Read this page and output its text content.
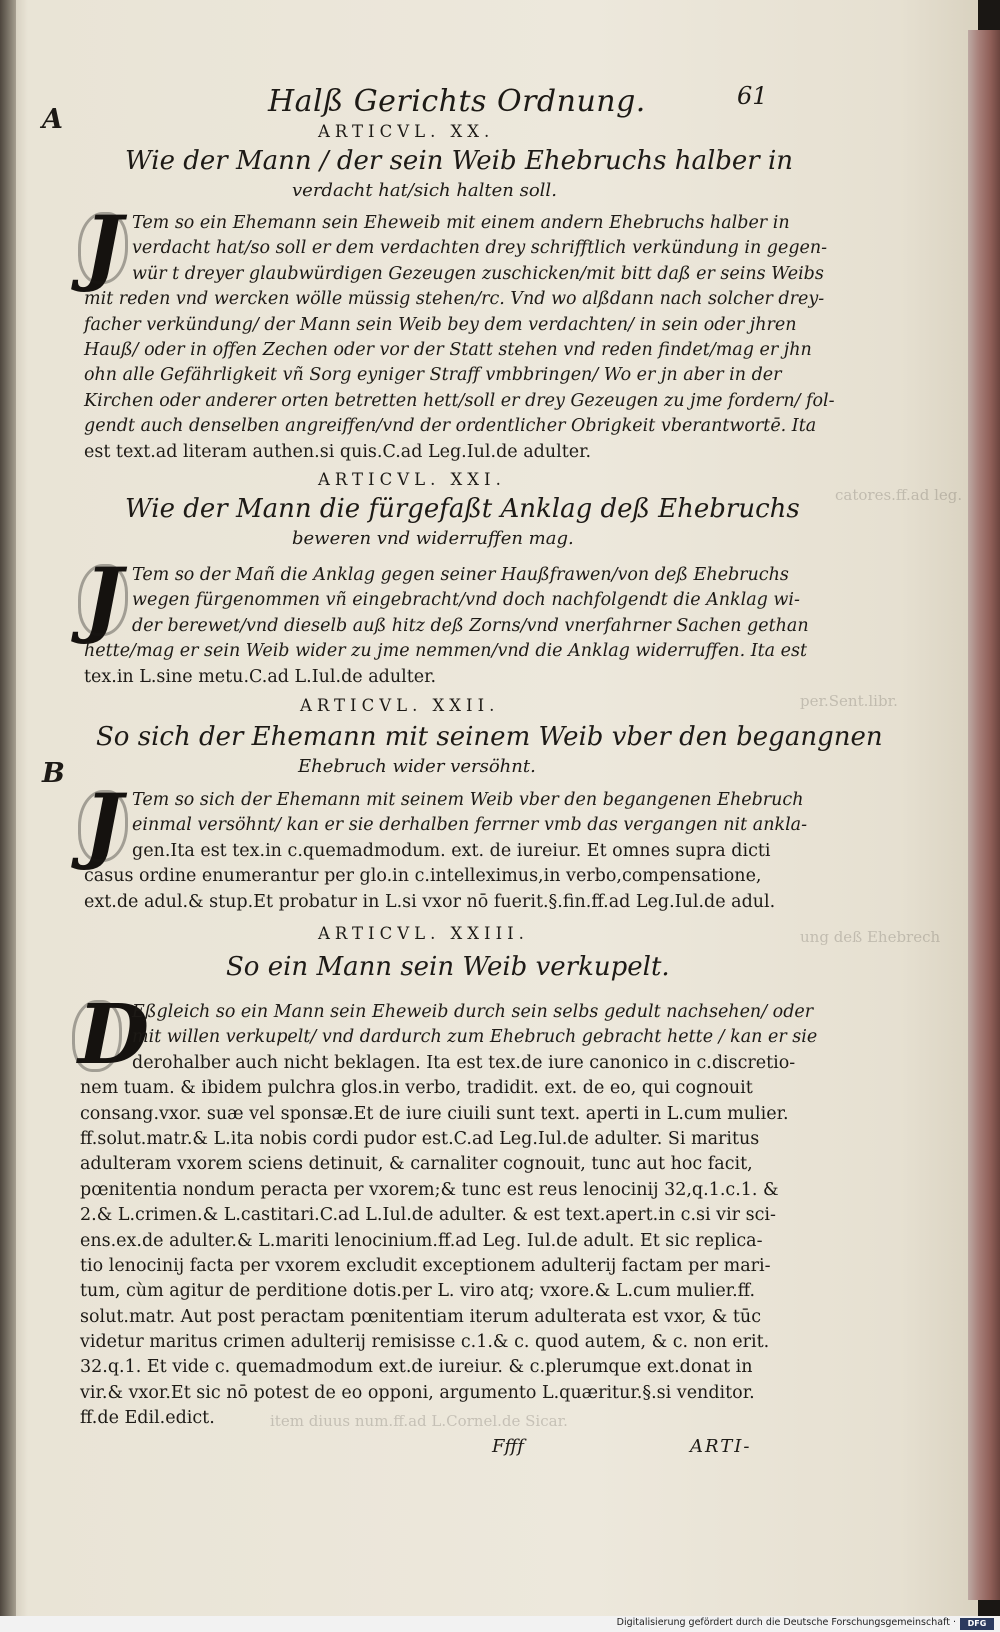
catores.ff.ad leg.
per.Sent.libr.
ung deß Ehebrech
item diuus num.ff.ad L.Cornel.de Sicar.
Halß Gerichts Ordnung.	61
A	ARTICVL. XX.
Wie der Mann / der sein Weib Ehebruchs halber in
verdacht hat/sich halten soll.
J Tem so ein Ehemann sein Eheweib mit einem andern Ehebruchs halber in
verdacht hat/so soll er dem verdachten drey schrifftlich verkündung in gegen-
wür t dreyer glaubwürdigen Gezeugen zuschicken/mit bitt daß er seins Weibs
mit reden vnd wercken wölle müssig stehen/rc. Vnd wo alßdann nach solcher drey-
facher verkündung/ der Mann sein Weib bey dem verdachten/ in sein oder jhren
Hauß/ oder in offen Zechen oder vor der Statt stehen vnd reden findet/mag er jhn
ohn alle Gefährligkeit vñ Sorg eyniger Straff vmbbringen/ Wo er jn aber in der
Kirchen oder anderer orten betretten hett/soll er drey Gezeugen zu jme fordern/ fol-
gendt auch denselben angreiffen/vnd der ordentlicher Obrigkeit vberantwortē. Ita
est text.ad literam authen.si quis.C.ad Leg.Iul.de adulter.
ARTICVL. XXI.
Wie der Mann die fürgefaßt Anklag deß Ehebruchs
beweren vnd widerruffen mag.
J Tem so der Mañ die Anklag gegen seiner Haußfrawen/von deß Ehebruchs
wegen fürgenommen vñ eingebracht/vnd doch nachfolgendt die Anklag wi-
der berewet/vnd dieselb auß hitz deß Zorns/vnd vnerfahrner Sachen gethan
hette/mag er sein Weib wider zu jme nemmen/vnd die Anklag widerruffen. Ita est
tex.in L.sine metu.C.ad L.Iul.de adulter.
ARTICVL. XXII.
So sich der Ehemann mit seinem Weib vber den begangnen
Ehebruch wider versöhnt.
B
J Tem so sich der Ehemann mit seinem Weib vber den begangenen Ehebruch
einmal versöhnt/ kan er sie derhalben ferrner vmb das vergangen nit ankla-
gen.Ita est tex.in c.quemadmodum. ext. de iureiur. Et omnes supra dicti
casus ordine enumerantur per glo.in c.intelleximus,in verbo,compensatione,
ext.de adul.& stup.Et probatur in L.si vxor nō fuerit.§.fin.ff.ad Leg.Iul.de adul.
ARTICVL. XXIII.
So ein Mann sein Weib verkupelt.
D
Eßgleich so ein Mann sein Eheweib durch sein selbs gedult nachsehen/ oder
mit willen verkupelt/ vnd dardurch zum Ehebruch gebracht hette / kan er sie
derohalber auch nicht beklagen. Ita est tex.de iure canonico in c.discretio-
nem tuam. & ibidem pulchra glos.in verbo, tradidit. ext. de eo, qui cognouit
consang.vxor. suæ vel sponsæ.Et de iure ciuili sunt text. aperti in L.cum mulier.
ff.solut.matr.& L.ita nobis cordi pudor est.C.ad Leg.Iul.de adulter. Si maritus
adulteram vxorem sciens detinuit, & carnaliter cognouit, tunc aut hoc facit,
pœnitentia nondum peracta per vxorem;& tunc est reus lenocinij 32,q.1.c.1. &
2.& L.crimen.& L.castitari.C.ad L.Iul.de adulter. & est text.apert.in c.si vir sci-
ens.ex.de adulter.& L.mariti lenocinium.ff.ad Leg. Iul.de adult. Et sic replica-
tio lenocinij facta per vxorem excludit exceptionem adulterij factam per mari-
tum, cùm agitur de perditione dotis.per L. viro atq; vxore.& L.cum mulier.ff.
solut.matr. Aut post peractam pœnitentiam iterum adulterata est vxor, & tūc
videtur maritus crimen adulterij remisisse c.1.& c. quod autem, & c. non erit.
32.q.1. Et vide c. quemadmodum ext.de iureiur. & c.plerumque ext.donat in
vir.& vxor.Et sic nō potest de eo opponi, argumento L.quæritur.§.si venditor.
ff.de Edil.edict.
Ffff	ARTI-
Digitalisierung gefördert durch die Deutsche Forschungsgemeinschaft ·	DFG
